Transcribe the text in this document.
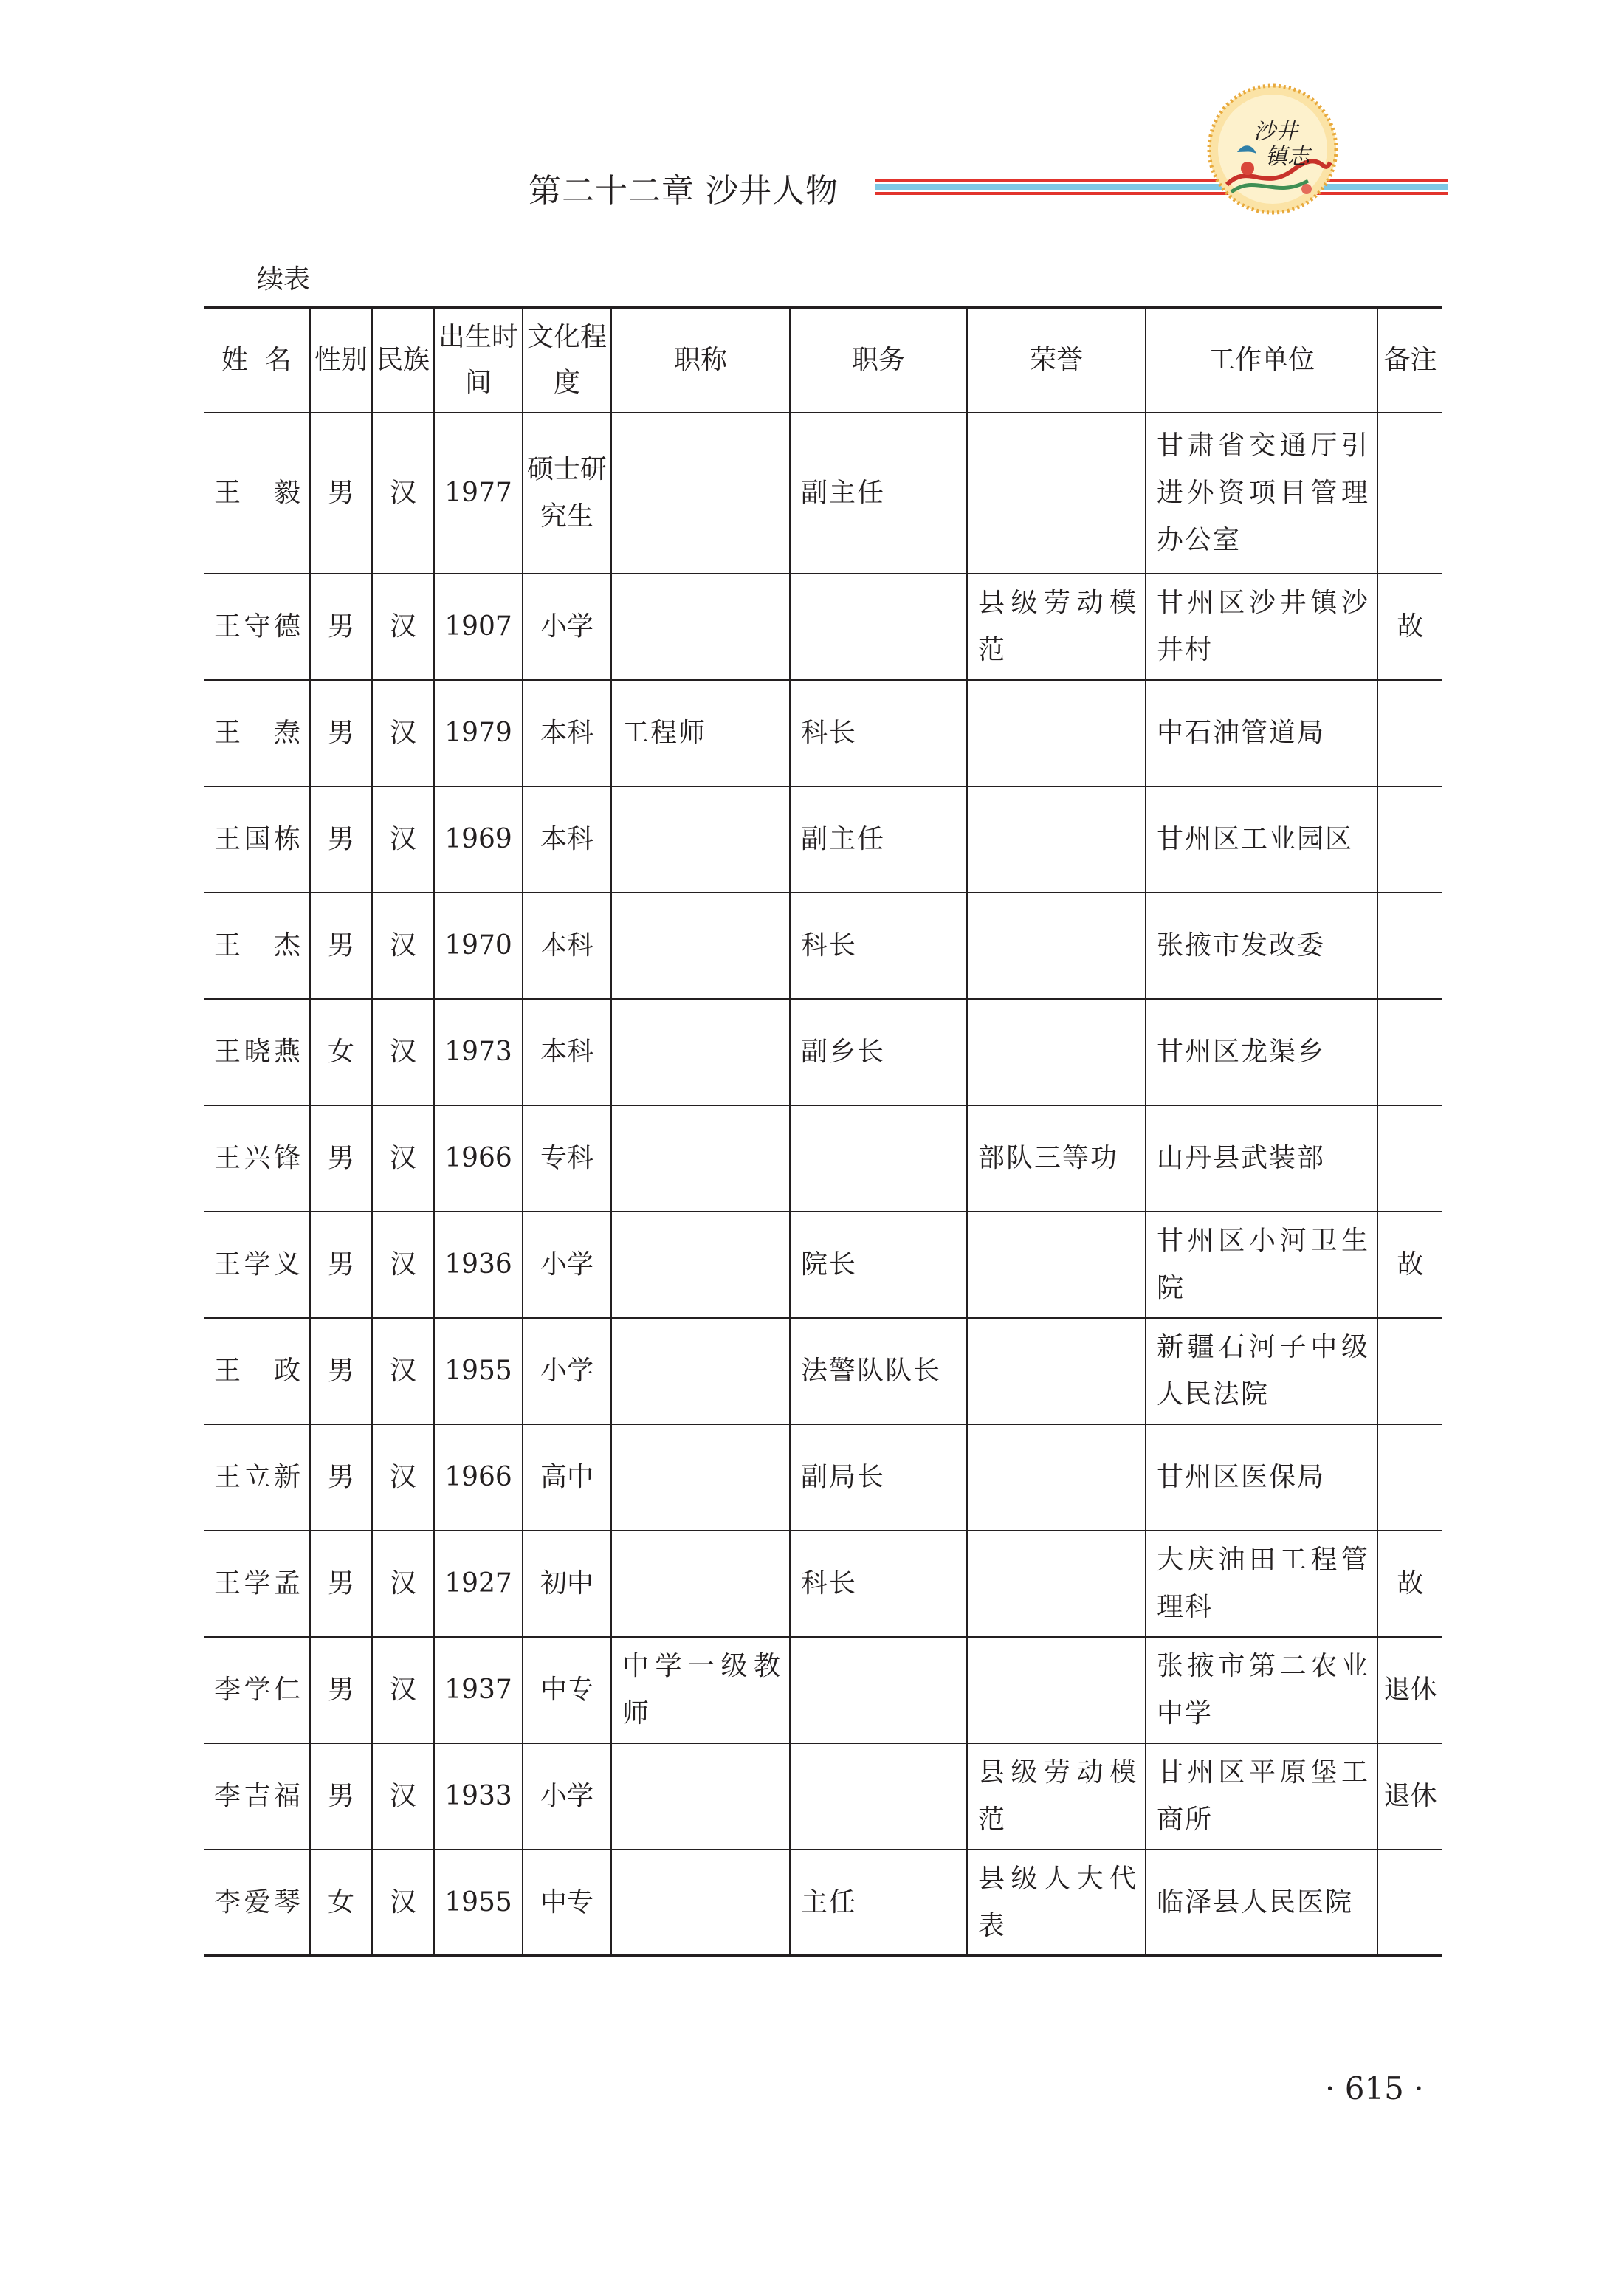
第二十二章 沙井人物
沙井
镇志
续表
姓  名	性别	民族	出生时间	文化程度	职称	职务	荣誉	工作单位	备注
王 毅	男	汉	1977	硕士研究生		副主任		甘肃省交通厅引进外资项目管理办公室	
王守德	男	汉	1907	小学			县级劳动模范	甘州区沙井镇沙井村	故
王 焘	男	汉	1979	本科	工程师	科长		中石油管道局	
王国栋	男	汉	1969	本科		副主任		甘州区工业园区	
王 杰	男	汉	1970	本科		科长		张掖市发改委	
王晓燕	女	汉	1973	本科		副乡长		甘州区龙渠乡	
王兴锋	男	汉	1966	专科			部队三等功	山丹县武装部	
王学义	男	汉	1936	小学		院长		甘州区小河卫生院	故
王 政	男	汉	1955	小学		法警队队长		新疆石河子中级人民法院	
王立新	男	汉	1966	高中		副局长		甘州区医保局	
王学孟	男	汉	1927	初中		科长		大庆油田工程管理科	故
李学仁	男	汉	1937	中专	中学一级教师			张掖市第二农业中学	退休
李吉福	男	汉	1933	小学			县级劳动模范	甘州区平原堡工商所	退休
李爱琴	女	汉	1955	中专		主任	县级人大代表	临泽县人民医院	
· 615 ·
